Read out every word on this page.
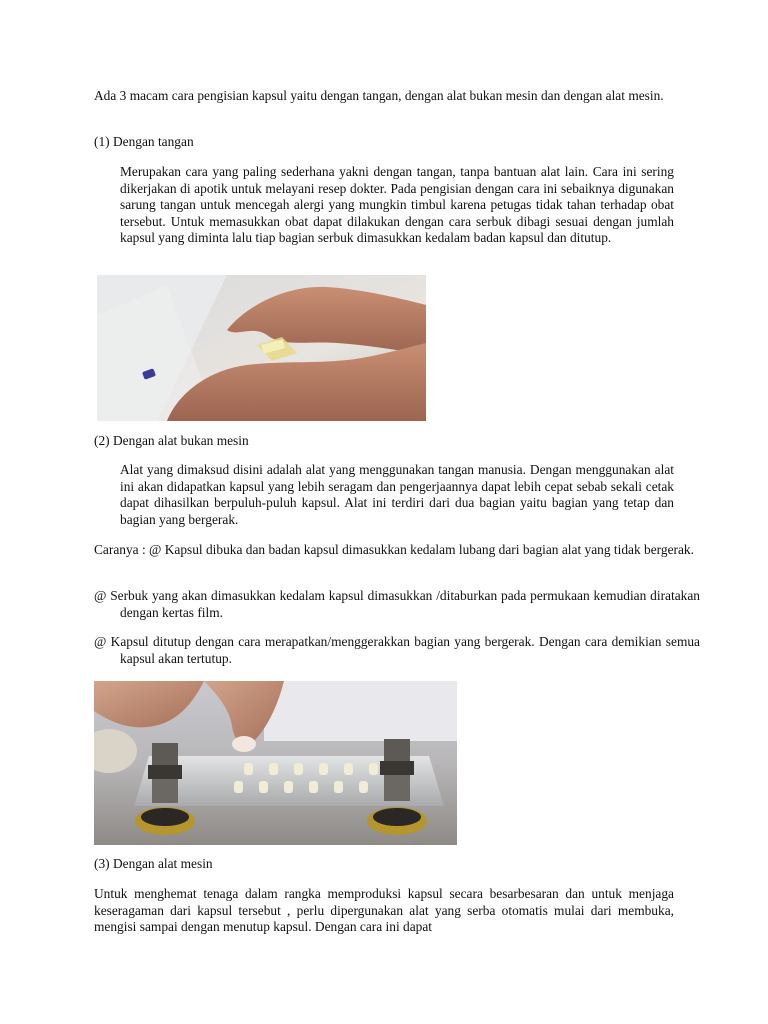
Ada 3 macam cara pengisian kapsul yaitu dengan tangan, dengan alat bukan mesin dan dengan alat mesin.

(1) Dengan tangan

Merupakan cara yang paling sederhana yakni dengan tangan, tanpa bantuan alat lain. Cara ini sering dikerjakan di apotik untuk melayani resep dokter. Pada pengisian dengan cara ini sebaiknya digunakan sarung tangan untuk mencegah alergi yang mungkin timbul karena petugas tidak tahan terhadap obat tersebut. Untuk memasukkan obat dapat dilakukan dengan cara serbuk dibagi sesuai dengan jumlah kapsul yang diminta lalu tiap bagian serbuk dimasukkan kedalam badan kapsul dan ditutup.

(2) Dengan alat bukan mesin

Alat yang dimaksud disini adalah alat yang menggunakan tangan manusia. Dengan menggunakan alat ini akan didapatkan kapsul yang lebih seragam dan pengerjaannya dapat lebih cepat sebab sekali cetak dapat dihasilkan berpuluh-puluh kapsul. Alat ini terdiri dari dua bagian yaitu bagian yang tetap dan bagian yang bergerak.

Caranya : @ Kapsul dibuka dan badan kapsul dimasukkan kedalam lubang dari bagian alat yang tidak bergerak.

@ Serbuk yang akan dimasukkan kedalam kapsul dimasukkan /ditaburkan pada permukaan kemudian diratakan dengan kertas film.

@ Kapsul ditutup dengan cara merapatkan/menggerakkan bagian yang bergerak. Dengan cara demikian semua kapsul akan tertutup.

(3) Dengan alat mesin

Untuk menghemat tenaga dalam rangka memproduksi kapsul secara besarbesaran dan untuk menjaga keseragaman dari kapsul tersebut , perlu dipergunakan alat yang serba otomatis mulai dari membuka, mengisi sampai dengan menutup kapsul. Dengan cara ini dapat
